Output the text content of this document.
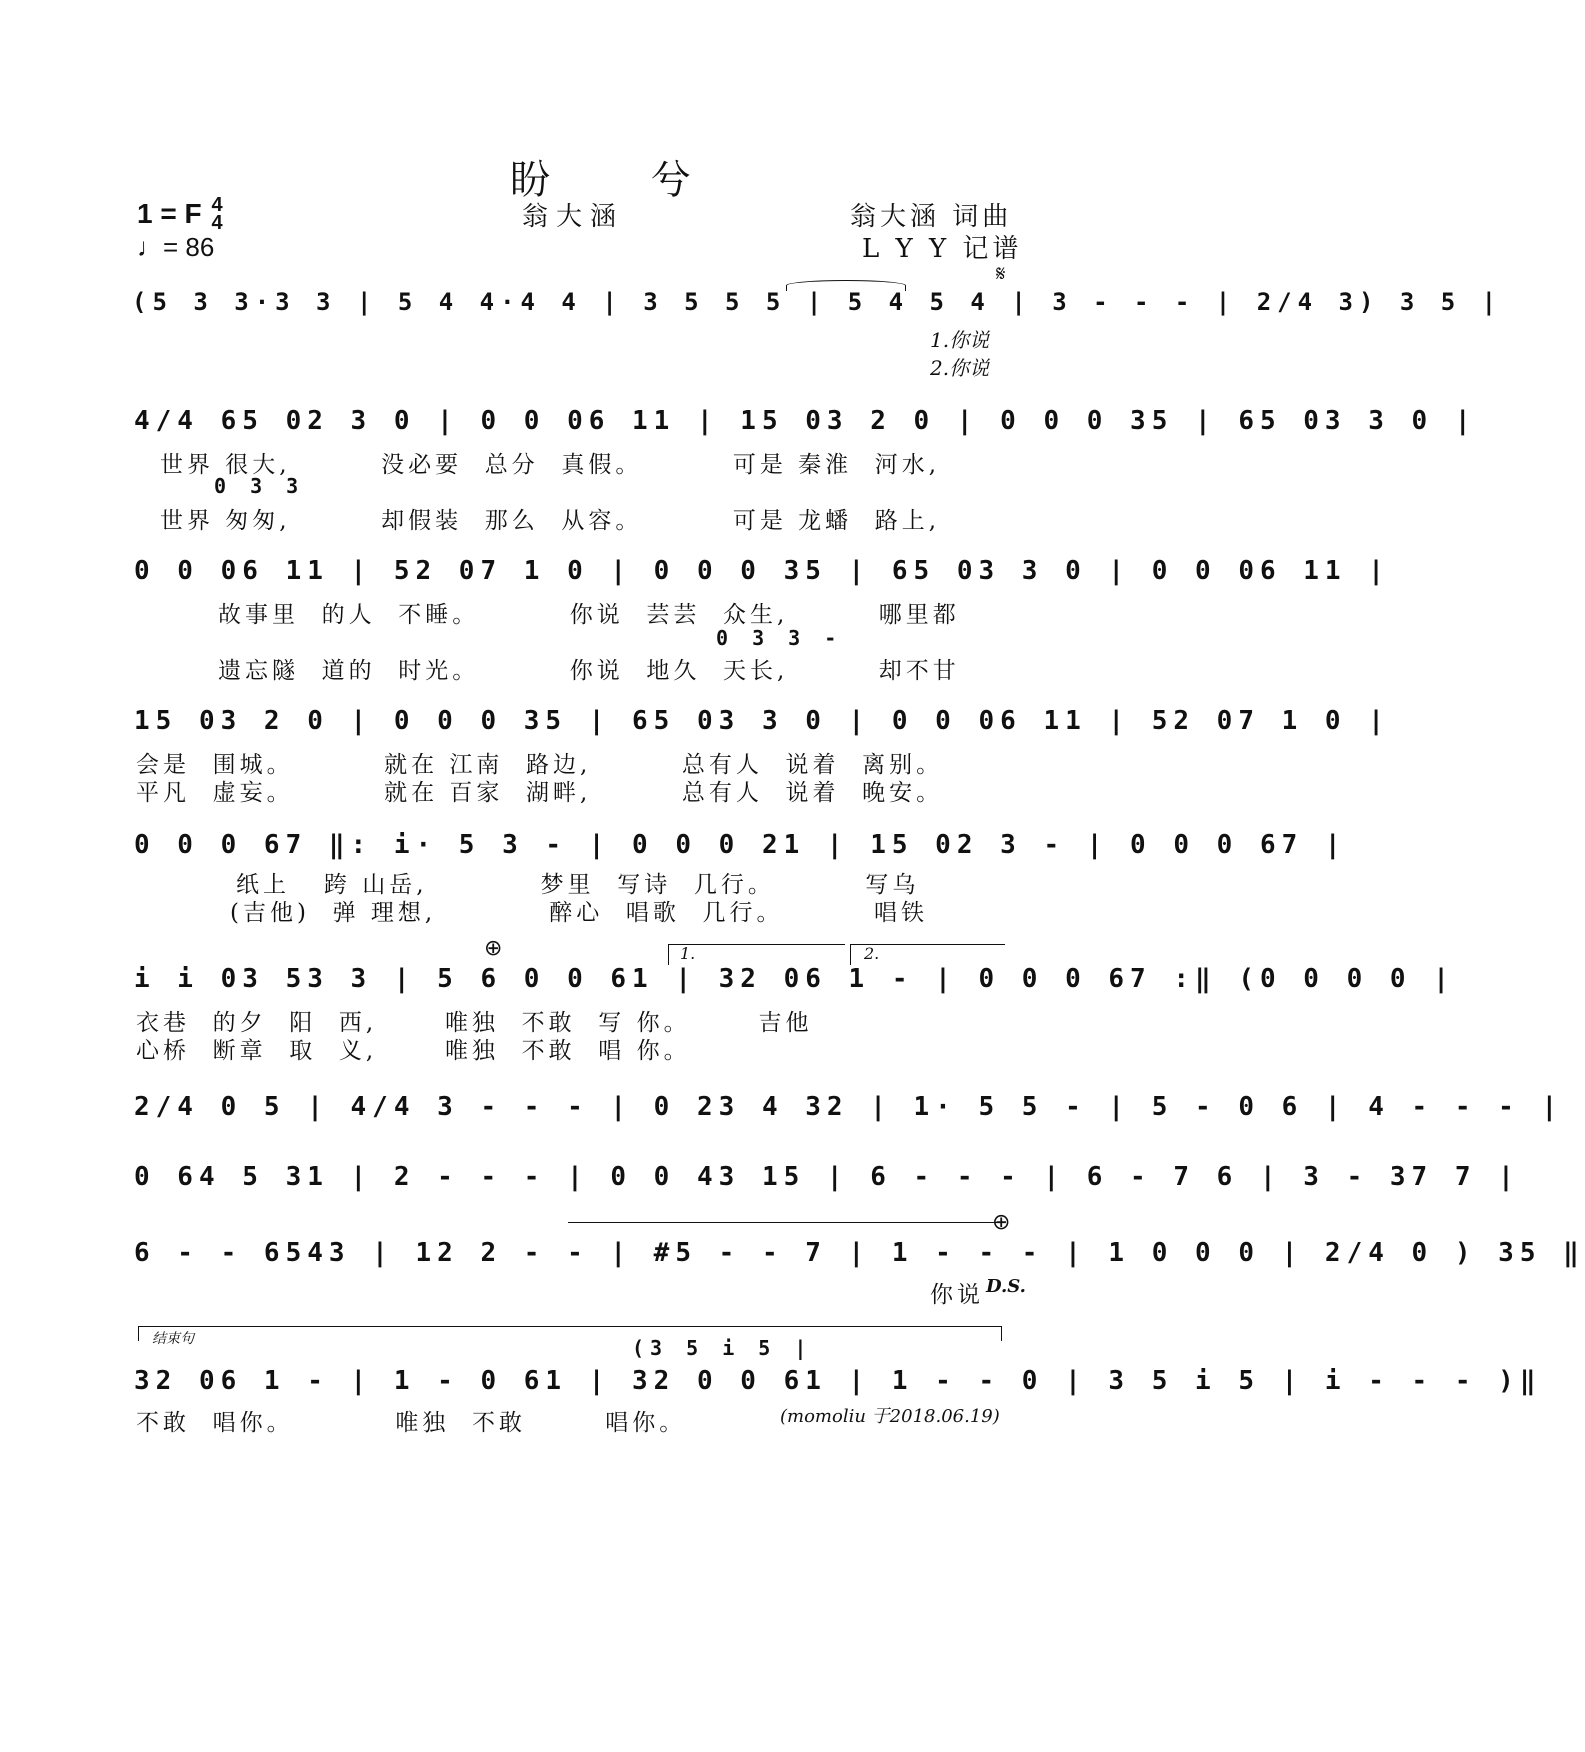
盼 兮
翁大涵
1 = F 4
4
♩= 86
翁大涵 词曲
L Y Y 记谱
𝄋
(5 3 3·3 3 | 5 4 4·4 4 | 3 5 5 5 | 5 4 5 4 | 3 - - - | 2/4 3) 3 5 |
1.你说
2.你说
4/4 65 02 3 0 | 0 0 06 11 | 15 03 2 0 | 0 0 0 35 | 65 03 3 0 |
0 3 3
世界 很大,        没必要  总分  真假。        可是 秦淮  河水,
世界 匆匆,        却假装  那么  从容。        可是 龙蟠  路上,
0 0 06 11 | 52 07 1 0 | 0 0 0 35 | 65 03 3 0 | 0 0 06 11 |
0 3 3 -
故事里  的人  不睡。        你说  芸芸  众生,        哪里都
遗忘隧  道的  时光。        你说  地久  天长,        却不甘
15 03 2 0 | 0 0 0 35 | 65 03 3 0 | 0 0 06 11 | 52 07 1 0 |
会是  围城。        就在 江南  路边,        总有人  说着  离别。
平凡  虚妄。        就在 百家  湖畔,        总有人  说着  晚安。
0 0 0 67 ‖: i· 5 3 - | 0 0 0 21 | 15 02 3 - | 0 0 0 67 |
纸上   跨 山岳,          梦里  写诗  几行。        写乌
(吉他)  弹 理想,          醉心  唱歌  几行。        唱铁
⊕	1.	2.
i i 03 53 3 | 5 6 0 0 61 | 32 06 1 - | 0 0 0 67 :‖ (0 0 0 0 |
衣巷  的夕  阳  西,      唯独  不敢  写 你。      吉他
心桥  断章  取  义,      唯独  不敢  唱 你。
2/4 0 5 | 4/4 3 - - - | 0 23 4 32 | 1· 5 5 - | 5 - 0 6 | 4 - - - |
0 64 5 31 | 2 - - - | 0 0 43 15 | 6 - - - | 6 - 7 6 | 3 - 37 7 |
⊕
6 - - 6543 | 12 2 - - | #5 - - 7 | 1 - - - | 1 0 0 0 | 2/4 0 ) 35 ‖
你说 D.S.
结束句	(3 5 i 5 |
32 06 1 - | 1 - 0 61 | 32 0 0 61 | 1 - - 0 | 3 5 i 5 | i - - - )‖
不敢  唱你。         唯独  不敢       唱你。	(momoliu 于2018.06.19)
